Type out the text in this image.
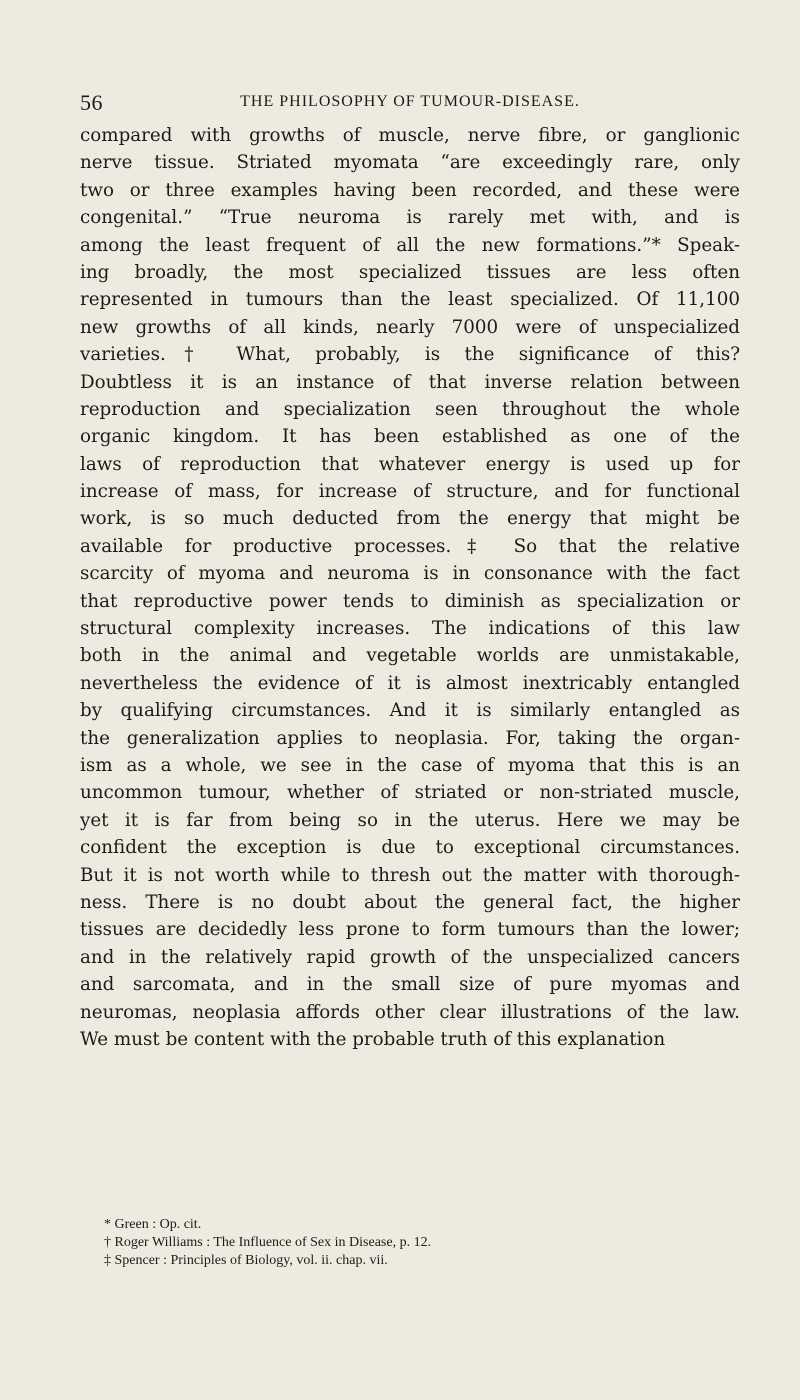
56	THE PHILOSOPHY OF TUMOUR-DISEASE.
compared with growths of muscle, nerve fibre, or ganglionic
nerve tissue. Striated myomata “are exceedingly rare, only
two or three examples having been recorded, and these were
congenital.” “True neuroma is rarely met with, and is
among the least frequent of all the new formations.”* Speak-
ing broadly, the most specialized tissues are less often
represented in tumours than the least specialized. Of 11,100
new growths of all kinds, nearly 7000 were of unspecialized
varieties.† What, probably, is the significance of this?
Doubtless it is an instance of that inverse relation between
reproduction and specialization seen throughout the whole
organic kingdom. It has been established as one of the
laws of reproduction that whatever energy is used up for
increase of mass, for increase of structure, and for functional
work, is so much deducted from the energy that might be
available for productive processes.‡ So that the relative
scarcity of myoma and neuroma is in consonance with the fact
that reproductive power tends to diminish as specialization or
structural complexity increases. The indications of this law
both in the animal and vegetable worlds are unmistakable,
nevertheless the evidence of it is almost inextricably entangled
by qualifying circumstances. And it is similarly entangled as
the generalization applies to neoplasia. For, taking the organ-
ism as a whole, we see in the case of myoma that this is an
uncommon tumour, whether of striated or non-striated muscle,
yet it is far from being so in the uterus. Here we may be
confident the exception is due to exceptional circumstances.
But it is not worth while to thresh out the matter with thorough-
ness. There is no doubt about the general fact, the higher
tissues are decidedly less prone to form tumours than the lower;
and in the relatively rapid growth of the unspecialized cancers
and sarcomata, and in the small size of pure myomas and
neuromas, neoplasia affords other clear illustrations of the law.
We must be content with the probable truth of this explanation
* Green : Op. cit.
† Roger Williams : The Influence of Sex in Disease, p. 12.
‡ Spencer : Principles of Biology, vol. ii. chap. vii.
